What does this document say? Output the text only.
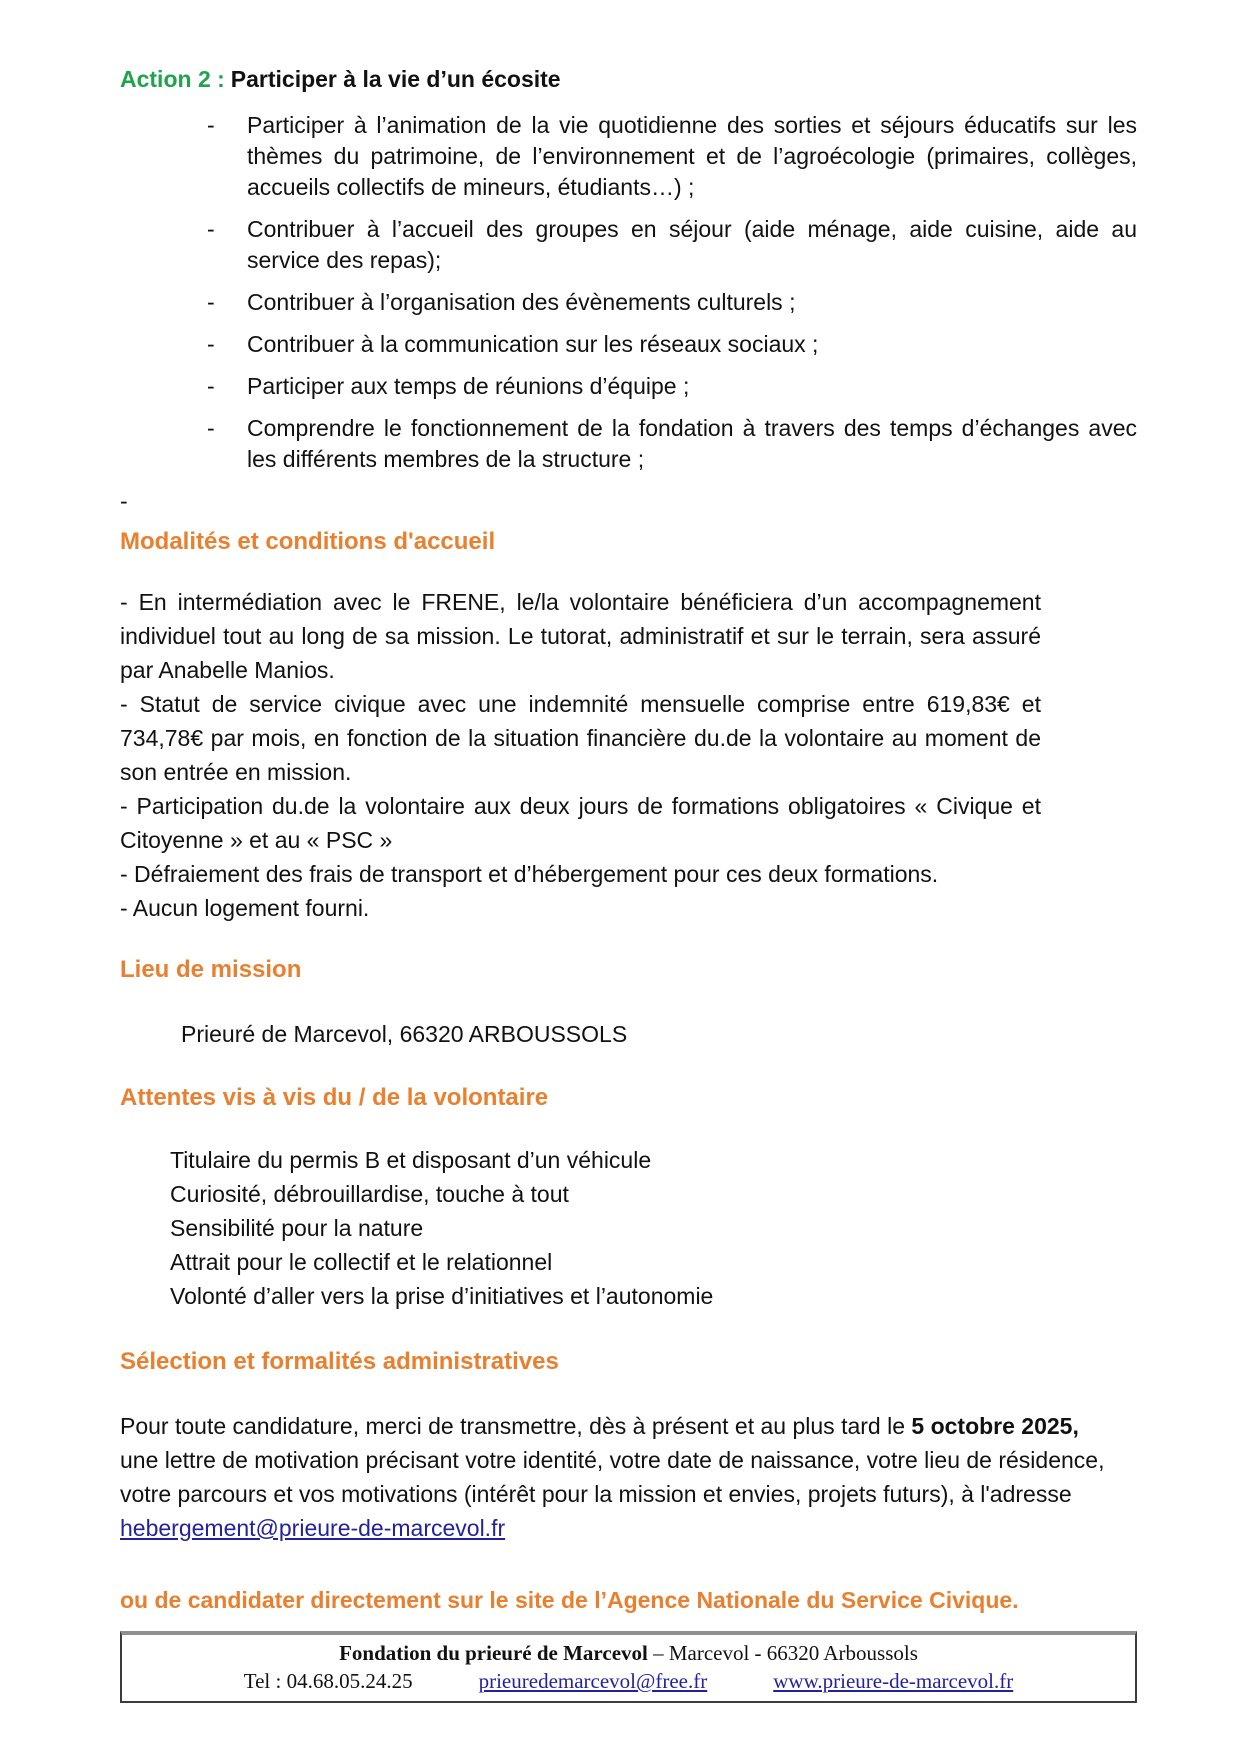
Action 2 : Participer à la vie d’un écosite
-	Participer à l’animation de la vie quotidienne des sorties et séjours éducatifs sur les thèmes du patrimoine, de l’environnement et de l’agroécologie (primaires, collèges, accueils collectifs de mineurs, étudiants…) ;
-	Contribuer à l’accueil des groupes en séjour (aide ménage, aide cuisine, aide au service des repas);
-	Contribuer à l’organisation des évènements culturels ;
-	Contribuer à la communication sur les réseaux sociaux ;
-	Participer aux temps de réunions d’équipe ;
-	Comprendre le fonctionnement de la fondation à travers des temps d’échanges avec les différents membres de la structure ;
-
Modalités et conditions d'accueil

- En intermédiation avec le FRENE, le/la volontaire bénéficiera d’un accompagnement individuel tout au long de sa mission. Le tutorat, administratif et sur le terrain, sera assuré par Anabelle Manios.

- Statut de service civique avec une indemnité mensuelle comprise entre 619,83€ et 734,78€ par mois, en fonction de la situation financière du.de la volontaire au moment de son entrée en mission.

- Participation du.de la volontaire aux deux jours de formations obligatoires « Civique et Citoyenne » et au « PSC »

- Défraiement des frais de transport et d’hébergement pour ces deux formations.

- Aucun logement fourni.

Lieu de mission

Prieuré de Marcevol, 66320 ARBOUSSOLS

Attentes vis à vis du / de la volontaire
Titulaire du permis B et disposant d’un véhicule
Curiosité, débrouillardise, touche à tout
Sensibilité pour la nature
Attrait pour le collectif et le relationnel
Volonté d’aller vers la prise d’initiatives et l’autonomie
Sélection et formalités administratives

Pour toute candidature, merci de transmettre, dès à présent et au plus tard le 5 octobre 2025, une lettre de motivation précisant votre identité, votre date de naissance, votre lieu de résidence, votre parcours et vos motivations (intérêt pour la mission et envies, projets futurs), à l'adresse hebergement@prieure-de-marcevol.fr

ou de candidater directement sur le site de l’Agence Nationale du Service Civique.

Fondation du prieuré de Marcevol – Marcevol - 66320 Arboussols
Tel : 04.68.05.24.25	prieuredemarcevol@free.fr	www.prieure-de-marcevol.fr
